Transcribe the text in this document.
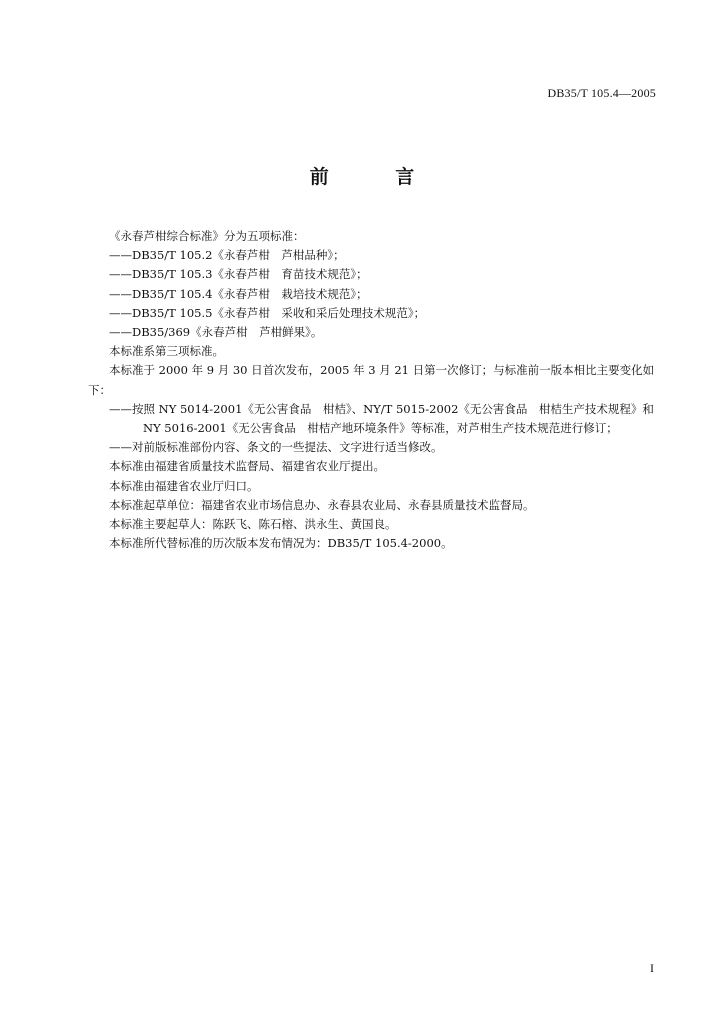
DB35/T 105.4—2005
前 言

《永春芦柑综合标准》分为五项标准：

——DB35/T 105.2《永春芦柑　芦柑品种》；

——DB35/T 105.3《永春芦柑　育苗技术规范》；

——DB35/T 105.4《永春芦柑　栽培技术规范》；

——DB35/T 105.5《永春芦柑　采收和采后处理技术规范》；

——DB35/369《永春芦柑　芦柑鲜果》。

本标准系第三项标准。

本标准于 2000 年 9 月 30 日首次发布，2005 年 3 月 21 日第一次修订；与标准前一版本相比主要变化如下：

——按照 NY 5014-2001《无公害食品　柑桔》、NY/T 5015-2002《无公害食品　柑桔生产技术规程》和 NY 5016-2001《无公害食品　柑桔产地环境条件》等标准，对芦柑生产技术规范进行修订；

——对前版标准部份内容、条文的一些提法、文字进行适当修改。

本标准由福建省质量技术监督局、福建省农业厅提出。

本标准由福建省农业厅归口。

本标准起草单位：福建省农业市场信息办、永春县农业局、永春县质量技术监督局。

本标准主要起草人：陈跃飞、陈石榕、洪永生、黄国良。

本标准所代替标准的历次版本发布情况为：DB35/T 105.4-2000。

I
